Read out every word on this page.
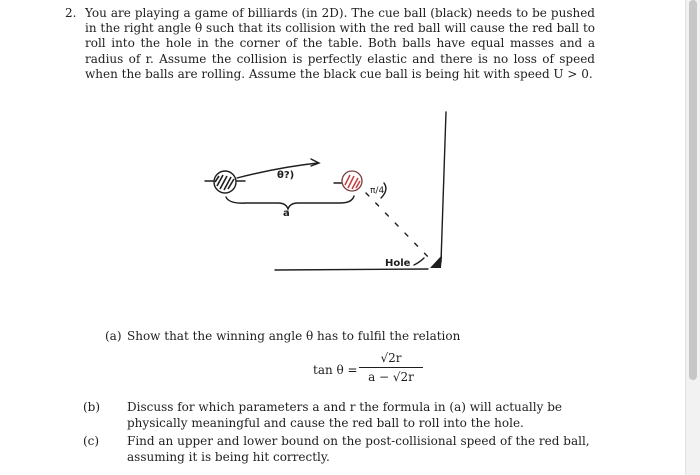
2. You are playing a game of billiards (in 2D). The cue ball (black) needs to be pushed in the right angle θ such that its collision with the red ball will cause the red ball to roll into the hole in the corner of the table. Both balls have equal masses and a radius of r. Assume the collision is perfectly elastic and there is no loss of speed when the balls are rolling. Assume the black cue ball is being hit with speed U > 0.
θ?)
a
π/4
Hole
(a) Show that the winning angle θ has to fulfil the relation
tan θ =
√2r
a − √2r
(b) Discuss for which parameters a and r the formula in (a) will actually be physically meaningful and cause the red ball to roll into the hole.
(c) Find an upper and lower bound on the post-collisional speed of the red ball, assuming it is being hit correctly.
